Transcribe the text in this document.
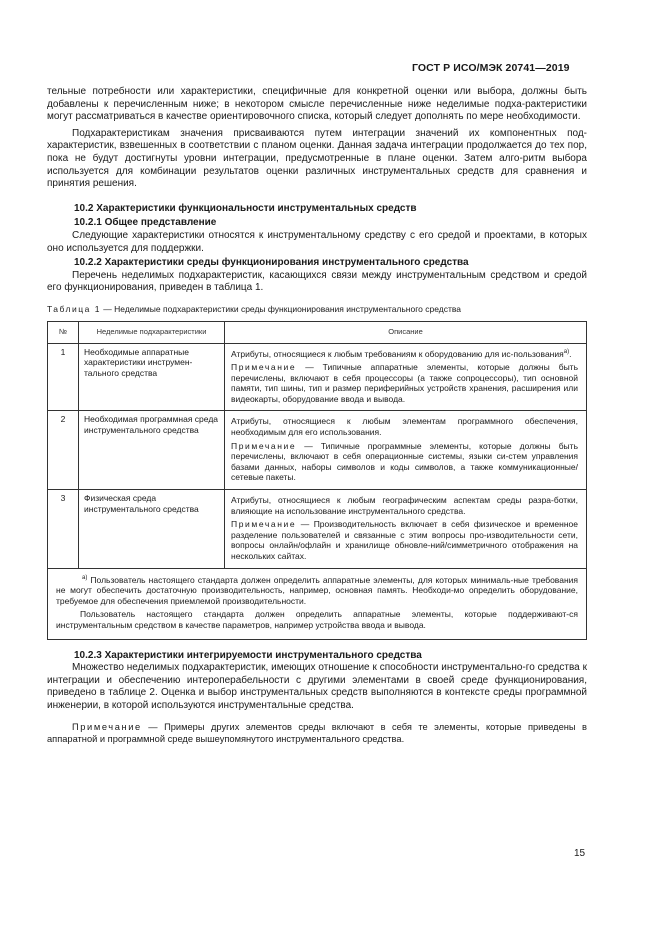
ГОСТ Р ИСО/МЭК 20741—2019

тельные потребности или характеристики, специфичные для конкретной оценки или выбора, должны быть добавлены к перечисленным ниже; в некотором смысле перечисленные ниже неделимые подха-рактеристики могут рассматриваться в качестве ориентировочного списка, который следует дополнять по мере необходимости.

Подхарактеристикам значения присваиваются путем интеграции значений их компонентных под-характеристик, взвешенных в соответствии с планом оценки. Данная задача интеграции продолжается до тех пор, пока не будут достигнуты уровни интеграции, предусмотренные в плане оценки. Затем алго-ритм выбора используется для комбинации результатов оценки различных инструментальных средств для сравнения и принятия решения.

10.2 Характеристики функциональности инструментальных средств
10.2.1 Общее представление

Следующие характеристики относятся к инструментальному средству с его средой и проектами, в которых оно используется для поддержки.

10.2.2 Характеристики среды функционирования инструментального средства

Перечень неделимых подхарактеристик, касающихся связи между инструментальным средством и средой его функционирования, приведен в таблица 1.

Таблица 1 — Неделимые подхарактеристики среды функционирования инструментального средства
№	Неделимые подхарактеристики	Описание
1	Необходимые аппаратные характеристики инструмен-тального средства	Атрибуты, относящиеся к любым требованиям к оборудованию для ис-пользования$^{a)}$.
Примечание — Типичные аппаратные элементы, которые должны быть перечислены, включают в себя процессоры (а также сопроцессоры), тип основной памяти, тип шины, тип и размер периферийных устройств хранения, расширения или видеокарты, оборудование ввода и вывода.

2	Необходимая программная среда инструментального средства	Атрибуты, относящиеся к любым элементам программного обеспечения, необходимым для его использования.
Примечание — Типичные программные элементы, которые должны быть перечислены, включают в себя операционные системы, языки си-стем управления базами данных, наборы символов и коды символов, а также коммуникационные/сетевые пакеты.

3	Физическая среда инструментального средства	Атрибуты, относящиеся к любым географическим аспектам среды разра-ботки, влияющие на использование инструментального средства.
Примечание — Производительность включает в себя физическое и временное разделение пользователей и связанные с этим вопросы про-изводительности сети, вопросы онлайн/офлайн и хранилище обновле-ний/симметричного отображения на нескольких сайтах.

$^{a)}$ Пользователь настоящего стандарта должен определить аппаратные элементы, для которых минималь-ные требования не могут обеспечить достаточную производительность, например, основная память. Необходи-мо определить оборудование, требуемое для обеспечения приемлемой производительности.
Пользователь настоящего стандарта должен определить аппаратные элементы, которые поддерживают-ся инструментальным средством в качестве параметров, например устройства ввода и вывода.		
10.2.3 Характеристики интегрируемости инструментального средства

Множество неделимых подхарактеристик, имеющих отношение к способности инструментально-го средства к интеграции и обеспечению интероперабельности с другими элементами в своей среде функционирования, приведено в таблице 2. Оценка и выбор инструментальных средств выполняются в контексте среды программной инженерии, в которой используются инструментальные средства.

Примечание — Примеры других элементов среды включают в себя те элементы, которые приведены в аппаратной и программной среде вышеупомянутого инструментального средства.

15
